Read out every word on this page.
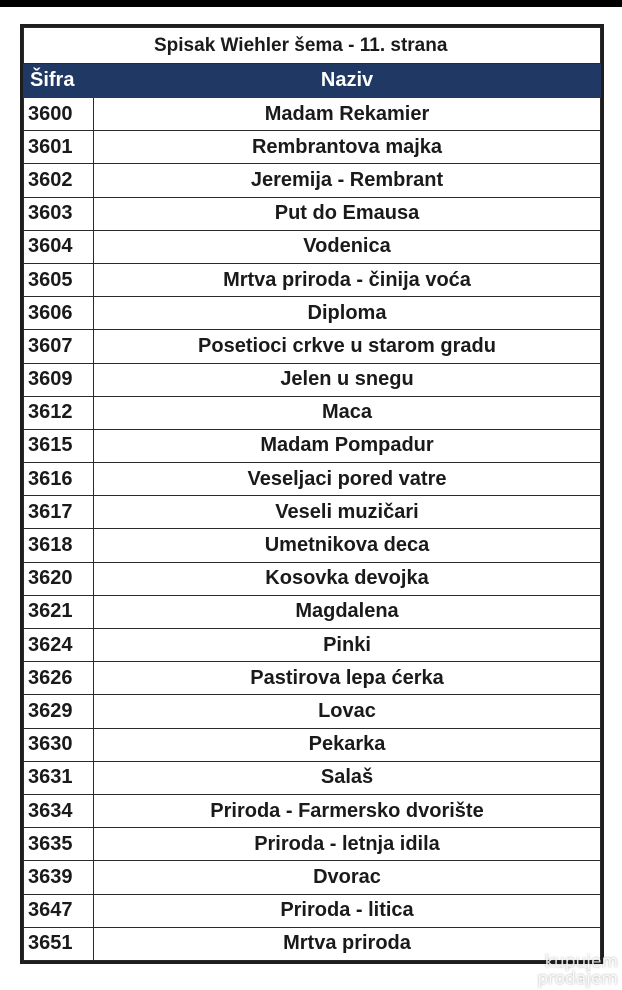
Spisak Wiehler šema - 11. strana	
Šifra	Naziv
3600	Madam Rekamier
3601	Rembrantova majka
3602	Jeremija - Rembrant
3603	Put do Emausa
3604	Vodenica
3605	Mrtva priroda - činija voća
3606	Diploma
3607	Posetioci crkve u starom gradu
3609	Jelen u snegu
3612	Maca
3615	Madam Pompadur
3616	Veseljaci pored vatre
3617	Veseli muzičari
3618	Umetnikova deca
3620	Kosovka devojka
3621	Magdalena
3624	Pinki
3626	Pastirova lepa ćerka
3629	Lovac
3630	Pekarka
3631	Salaš
3634	Priroda - Farmersko dvorište
3635	Priroda - letnja idila
3639	Dvorac
3647	Priroda - litica
3651	Mrtva priroda
kupujem
prodajem
